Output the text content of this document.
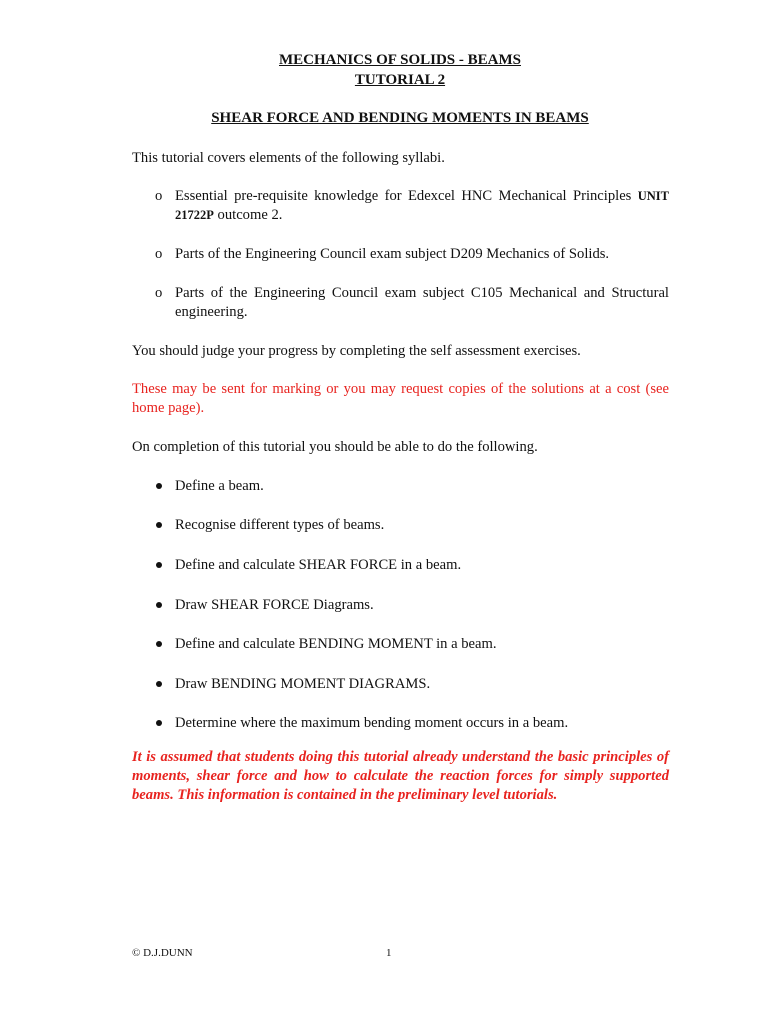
MECHANICS OF SOLIDS - BEAMS
TUTORIAL 2
SHEAR FORCE AND BENDING MOMENTS IN BEAMS

This tutorial covers elements of the following syllabi.

o Essential pre-requisite knowledge for Edexcel HNC Mechanical Principles UNIT 21722P outcome 2.
o Parts of the Engineering Council exam subject D209 Mechanics of Solids.
o Parts of the Engineering Council exam subject C105 Mechanical and Structural engineering.

You should judge your progress by completing the self assessment exercises.

These may be sent for marking or you may request copies of the solutions at a cost (see home page).

On completion of this tutorial you should be able to do the following.

Define a beam.
Recognise different types of beams.
Define and calculate SHEAR FORCE in a beam.
Draw SHEAR FORCE Diagrams.
Define and calculate BENDING MOMENT in a beam.
Draw BENDING MOMENT DIAGRAMS.
Determine where the maximum bending moment occurs in a beam.

It is assumed that students doing this tutorial already understand the basic principles of moments, shear force and how to calculate the reaction forces for simply supported beams. This information is contained in the preliminary level tutorials.

© D.J.DUNN	1
